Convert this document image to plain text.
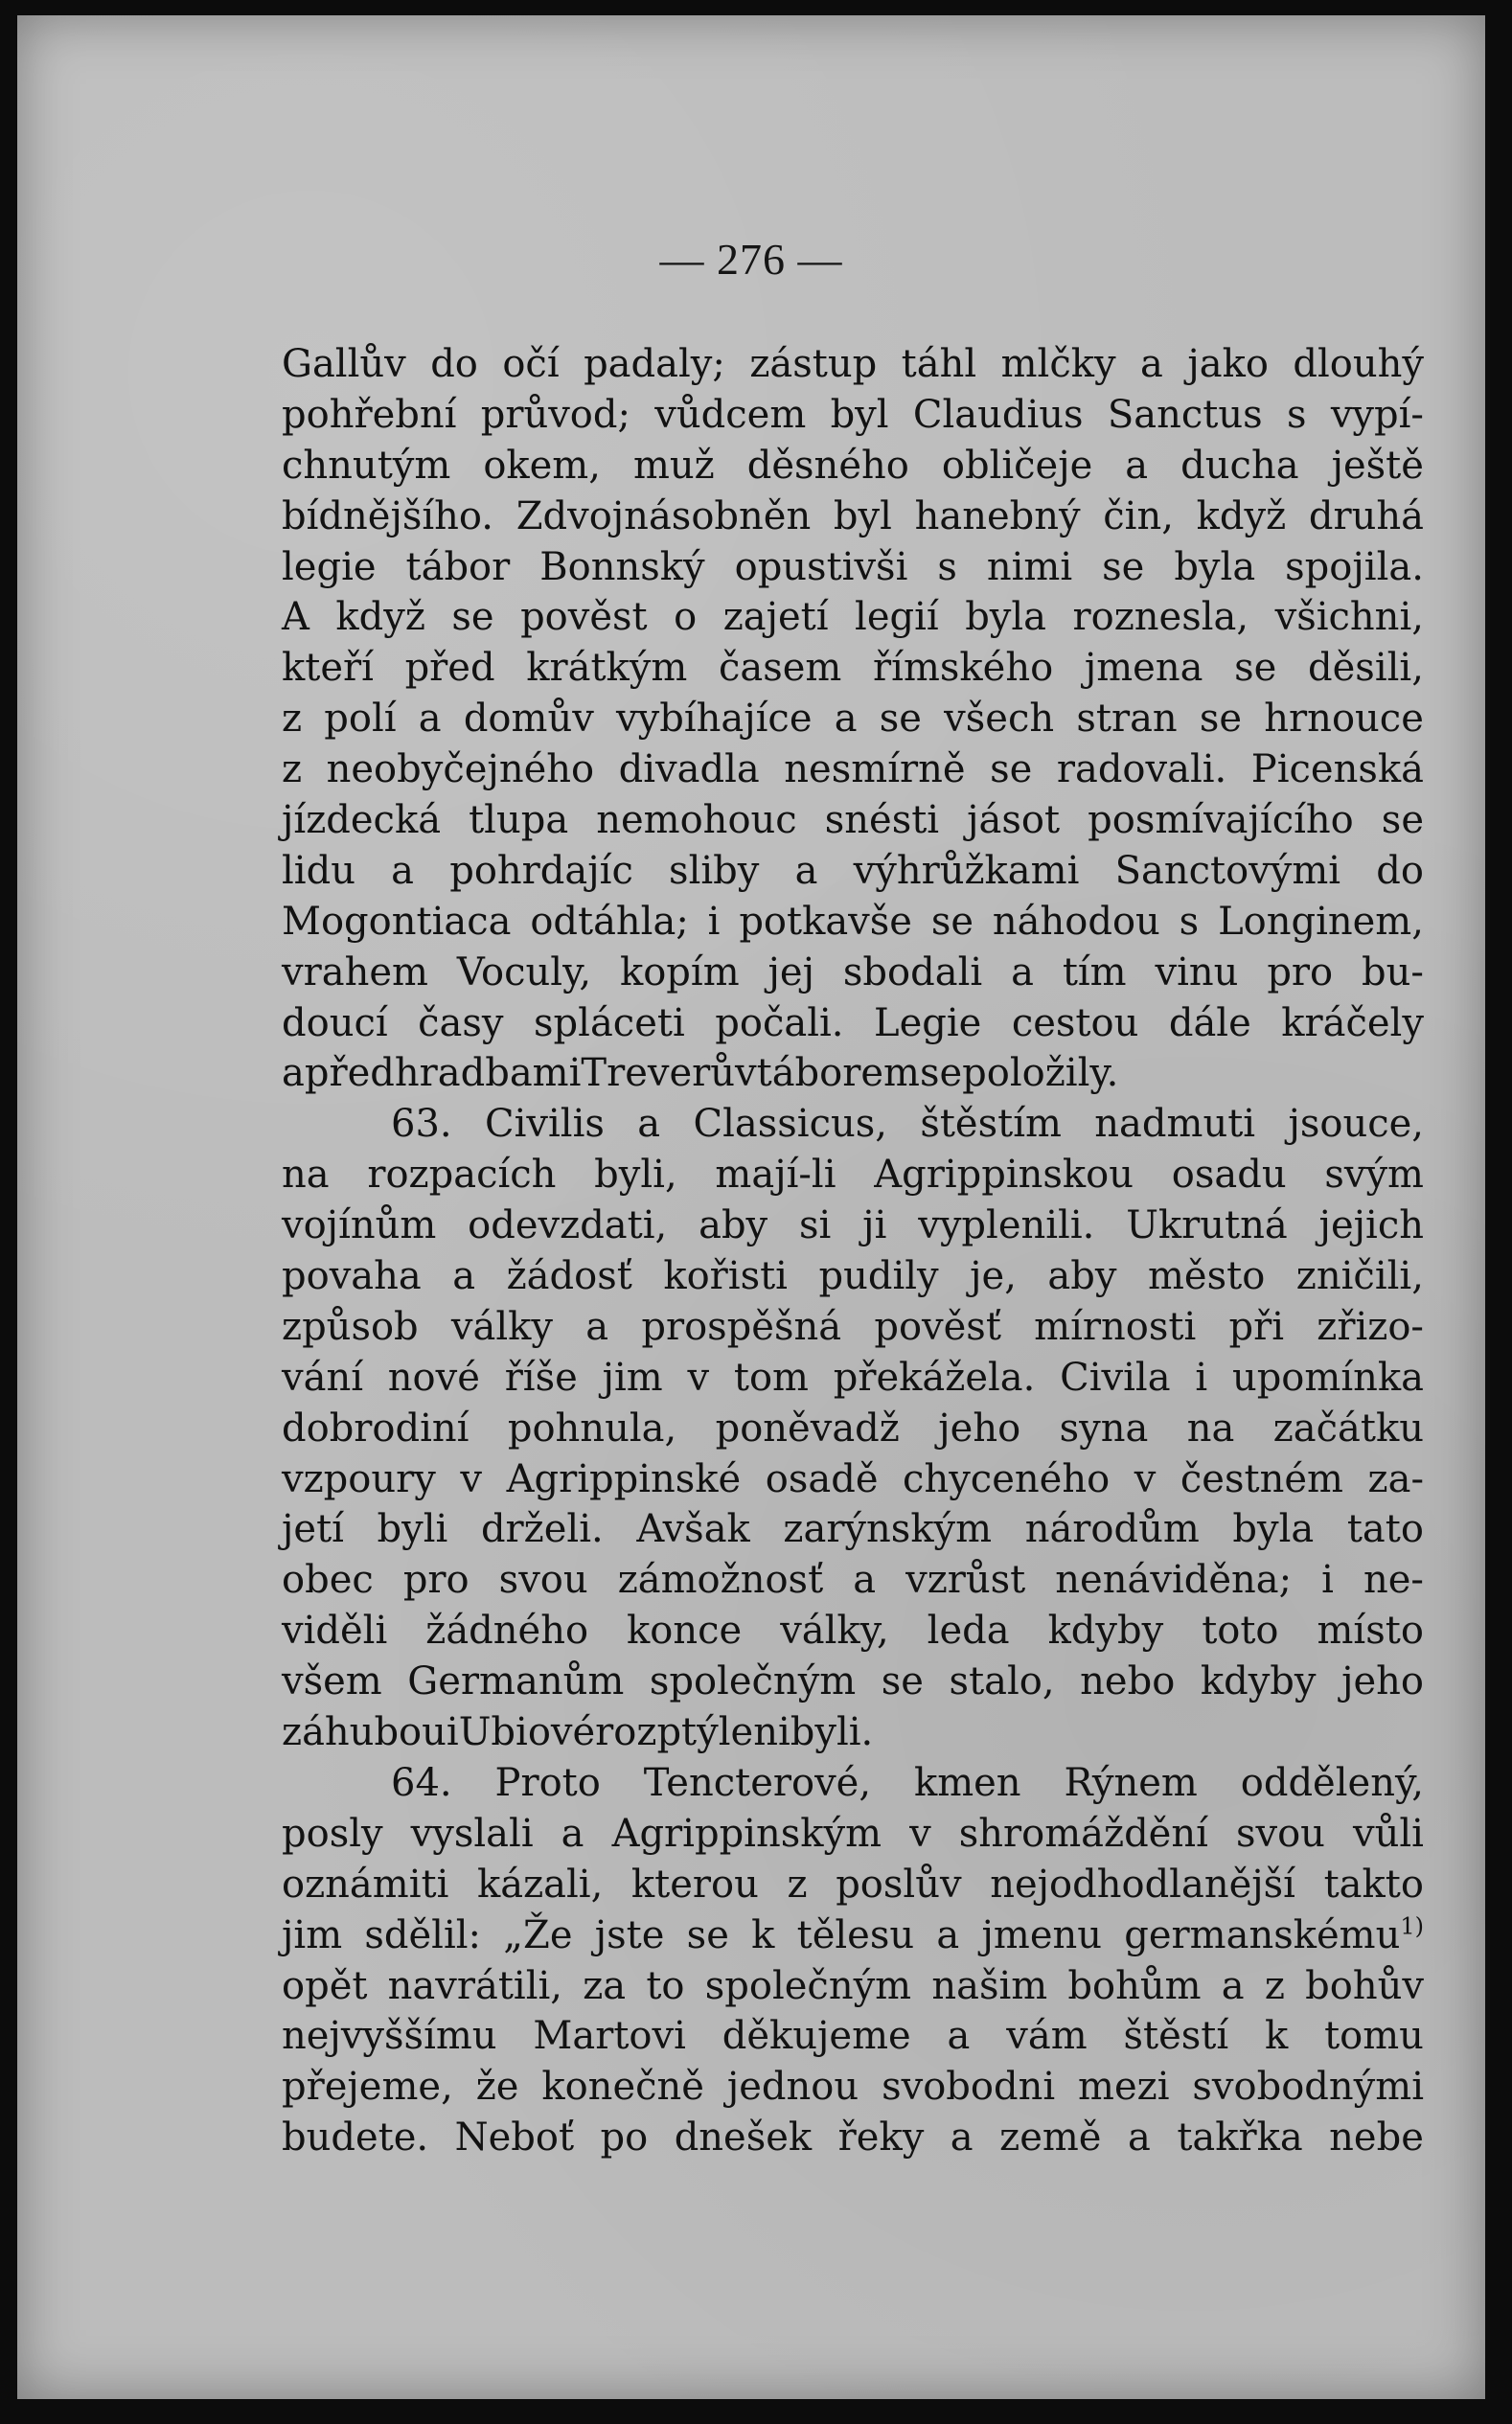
— 276 —
Gallův do očí padaly; zástup táhl mlčky a jako dlouhý
pohřební průvod; vůdcem byl Claudius Sanctus s vypí-
chnutým okem, muž děsného obličeje a ducha ještě
bídnějšího. Zdvojnásobněn byl hanebný čin, když druhá
legie tábor Bonnský opustivši s nimi se byla spojila.
A když se pověst o zajetí legií byla roznesla, všichni,
kteří před krátkým časem římského jmena se děsili,
z polí a domův vybíhajíce a se všech stran se hrnouce
z neobyčejného divadla nesmírně se radovali. Picenská
jízdecká tlupa nemohouc snésti jásot posmívajícího se
lidu a pohrdajíc sliby a výhrůžkami Sanctovými do
Mogontiaca odtáhla; i potkavše se náhodou s Longinem,
vrahem Voculy, kopím jej sbodali a tím vinu pro bu-
doucí časy spláceti počali. Legie cestou dále kráčely
a před hradbami Treverův táborem se položily.
63. Civilis a Classicus, štěstím nadmuti jsouce,
na rozpacích byli, mají-li Agrippinskou osadu svým
vojínům odevzdati, aby si ji vyplenili. Ukrutná jejich
povaha a žádosť kořisti pudily je, aby město zničili,
způsob války a prospěšná pověsť mírnosti při zřizo-
vání nové říše jim v tom překážela. Civila i upomínka
dobrodiní pohnula, poněvadž jeho syna na začátku
vzpoury v Agrippinské osadě chyceného v čestném za-
jetí byli drželi. Avšak zarýnským národům byla tato
obec pro svou zámožnosť a vzrůst nenáviděna; i ne-
viděli žádného konce války, leda kdyby toto místo
všem Germanům společným se stalo, nebo kdyby jeho
záhubou i Ubiové rozptýleni byli.
64. Proto Tencterové, kmen Rýnem oddělený,
posly vyslali a Agrippinským v shromáždění svou vůli
oznámiti kázali, kterou z poslův nejodhodlanější takto
jim sdělil: „Že jste se k tělesu a jmenu germanskému$^{1)}$
opět navrátili, za to společným našim bohům a z bohův
nejvyššímu Martovi děkujeme a vám štěstí k tomu
přejeme, že konečně jednou svobodni mezi svobodnými
budete. Neboť po dnešek řeky a země a takřka nebe
